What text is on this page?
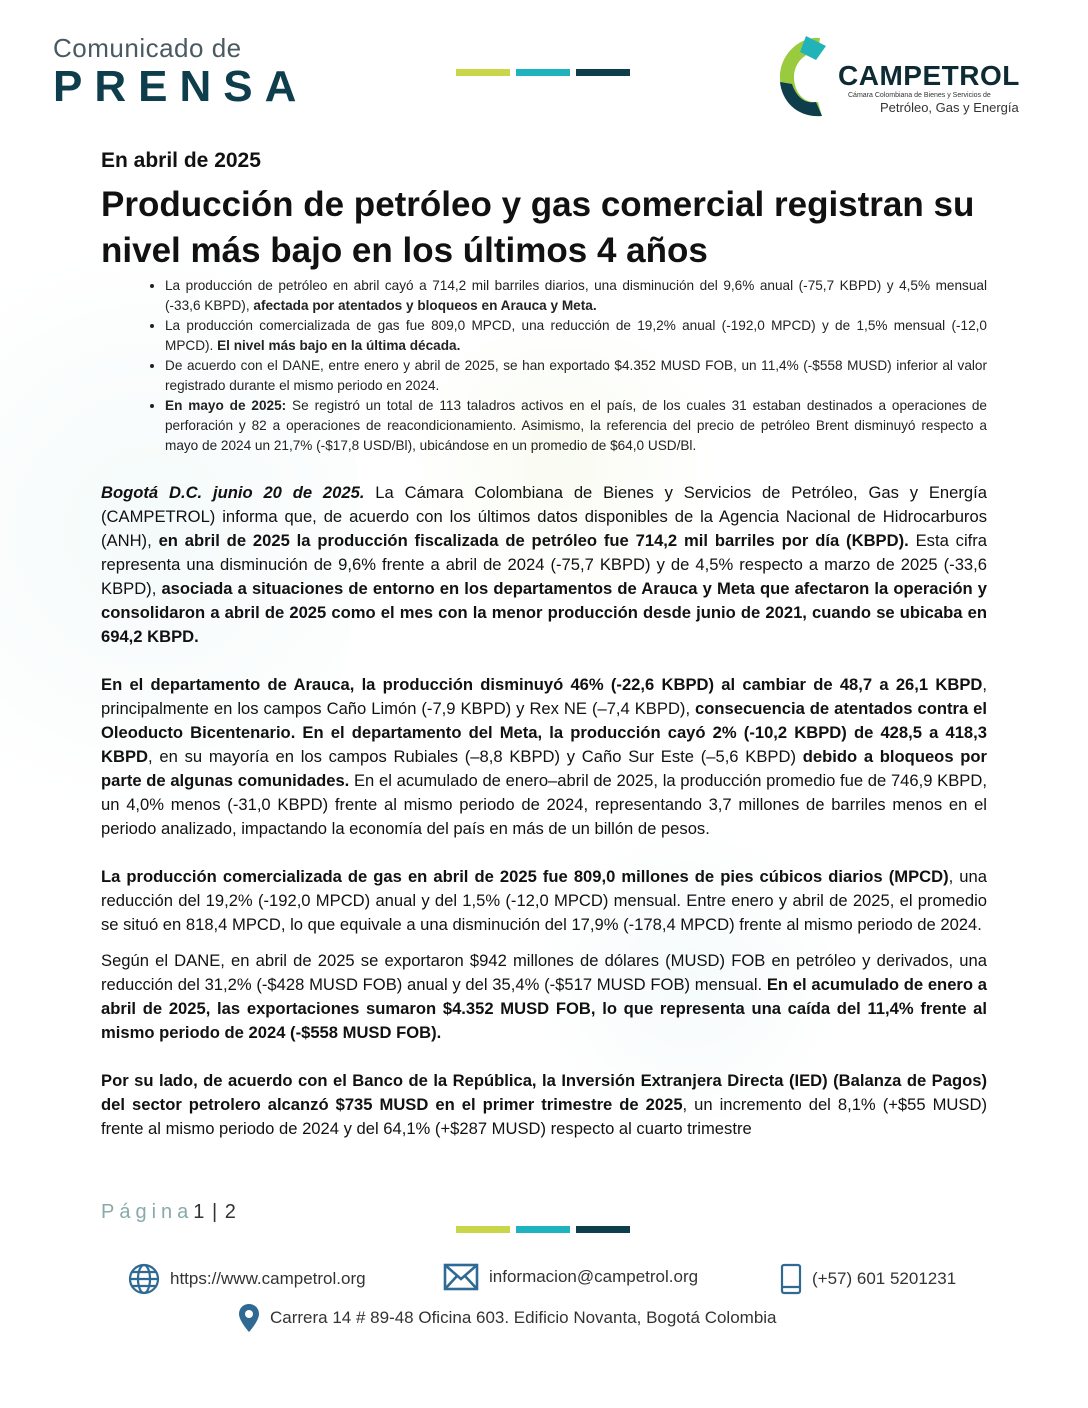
Comunicado de
PRENSA	CAMPETROL
Cámara Colombiana de Bienes y Servicios de
Petróleo, Gas y Energía
En abril de 2025
Producción de petróleo y gas comercial registran su nivel más bajo en los últimos 4 años
• La producción de petróleo en abril cayó a 714,2 mil barriles diarios, una disminución del 9,6% anual (-75,7 KBPD) y 4,5% mensual (-33,6 KBPD), afectada por atentados y bloqueos en Arauca y Meta.
• La producción comercializada de gas fue 809,0 MPCD, una reducción de 19,2% anual (-192,0 MPCD) y de 1,5% mensual (-12,0 MPCD). El nivel más bajo en la última década.
• De acuerdo con el DANE, entre enero y abril de 2025, se han exportado $4.352 MUSD FOB, un 11,4% (-$558 MUSD) inferior al valor registrado durante el mismo periodo en 2024.
• En mayo de 2025: Se registró un total de 113 taladros activos en el país, de los cuales 31 estaban destinados a operaciones de perforación y 82 a operaciones de reacondicionamiento. Asimismo, la referencia del precio de petróleo Brent disminuyó respecto a mayo de 2024 un 21,7% (-$17,8 USD/Bl), ubicándose en un promedio de $64,0 USD/Bl.

Bogotá D.C. junio 20 de 2025. La Cámara Colombiana de Bienes y Servicios de Petróleo, Gas y Energía (CAMPETROL) informa que, de acuerdo con los últimos datos disponibles de la Agencia Nacional de Hidrocarburos (ANH), en abril de 2025 la producción fiscalizada de petróleo fue 714,2 mil barriles por día (KBPD). Esta cifra representa una disminución de 9,6% frente a abril de 2024 (-75,7 KBPD) y de 4,5% respecto a marzo de 2025 (-33,6 KBPD), asociada a situaciones de entorno en los departamentos de Arauca y Meta que afectaron la operación y consolidaron a abril de 2025 como el mes con la menor producción desde junio de 2021, cuando se ubicaba en 694,2 KBPD.

En el departamento de Arauca, la producción disminuyó 46% (-22,6 KBPD) al cambiar de 48,7 a 26,1 KBPD, principalmente en los campos Caño Limón (-7,9 KBPD) y Rex NE (–7,4 KBPD), consecuencia de atentados contra el Oleoducto Bicentenario. En el departamento del Meta, la producción cayó 2% (-10,2 KBPD) de 428,5 a 418,3 KBPD, en su mayoría en los campos Rubiales (–8,8 KBPD) y Caño Sur Este (–5,6 KBPD) debido a bloqueos por parte de algunas comunidades. En el acumulado de enero–abril de 2025, la producción promedio fue de 746,9 KBPD, un 4,0% menos (-31,0 KBPD) frente al mismo periodo de 2024, representando 3,7 millones de barriles menos en el periodo analizado, impactando la economía del país en más de un billón de pesos.

La producción comercializada de gas en abril de 2025 fue 809,0 millones de pies cúbicos diarios (MPCD), una reducción del 19,2% (-192,0 MPCD) anual y del 1,5% (-12,0 MPCD) mensual. Entre enero y abril de 2025, el promedio se situó en 818,4 MPCD, lo que equivale a una disminución del 17,9% (-178,4 MPCD) frente al mismo periodo de 2024.

Según el DANE, en abril de 2025 se exportaron $942 millones de dólares (MUSD) FOB en petróleo y derivados, una reducción del 31,2% (-$428 MUSD FOB) anual y del 35,4% (-$517 MUSD FOB) mensual. En el acumulado de enero a abril de 2025, las exportaciones sumaron $4.352 MUSD FOB, lo que representa una caída del 11,4% frente al mismo periodo de 2024 (-$558 MUSD FOB).

Por su lado, de acuerdo con el Banco de la República, la Inversión Extranjera Directa (IED) (Balanza de Pagos) del sector petrolero alcanzó $735 MUSD en el primer trimestre de 2025, un incremento del 8,1% (+$55 MUSD) frente al mismo periodo de 2024 y del 64,1% (+$287 MUSD) respecto al cuarto trimestre

Página1 | 2
https://www.campetrol.org	informacion@campetrol.org	(+57) 601 5201231
Carrera 14 # 89-48 Oficina 603. Edificio Novanta, Bogotá Colombia
